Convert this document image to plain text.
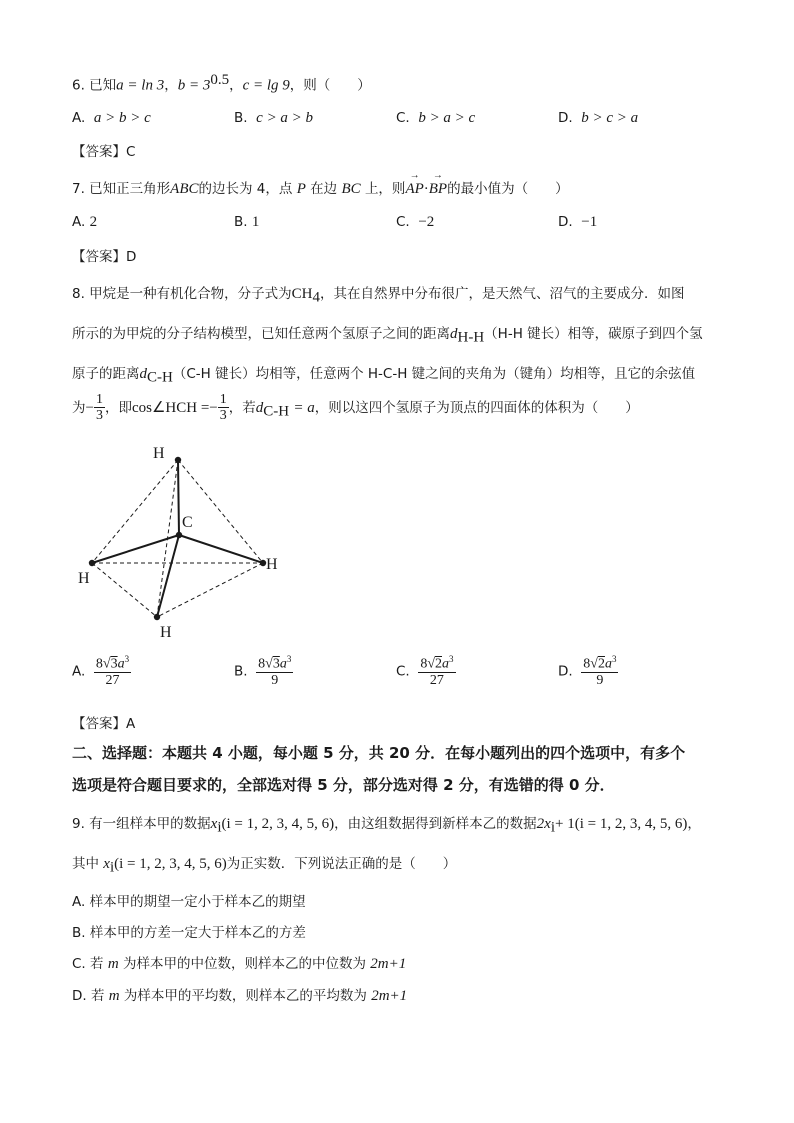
6. 已知a = ln 3，$b = 3^{0.5}$，c = lg 9，则（　　）
A. a > b > c	B. c > a > b	C. b > a > c	D. b > c > a
【答案】C
7. 已知正三角形ABC的边长为 4，点 P 在边 BC 上，则→ AP·→ BP的最小值为（　　）
A. 2	B. 1	C. −2	D. −1
【答案】D
8. 甲烷是一种有机化合物，分子式为$CH_4$，其在自然界中分布很广，是天然气、沼气的主要成分．如图
所示的为甲烷的分子结构模型，已知任意两个氢原子之间的距离$d_{H-H}(H-H$ 键长）相等，碳原子到四个氢
原子的距离$d_{C-H}(C-H$ 键长）均相等，任意两个 H-C-H 键之间的夹角为（键角）均相等，且它的余弦值
为− $\frac{1}{3}$ ，即cos∠HCH =− $\frac{1}{3}$ ，若$d_{C-H} = a$，则以这四个氢原子为顶点的四面体的体积为（　　）
H
C
H
H
H
A. $\frac{8√3a^3}{27}$	B. $\frac{8√3a^3}{9}$	C. $\frac{8√2a^3}{27}$	D. $\frac{8√2a^3}{9}$
【答案】A
二、选择题：本题共 4 小题，每小题 5 分，共 20 分．在每小题列出的四个选项中，有多个
选项是符合题目要求的，全部选对得 5 分，部分选对得 2 分，有选错的得 0 分．
9. 有一组样本甲的数据$x_i(i = 1$, 2, 3, 4, 5, 6)，由这组数据得到新样本乙的数据$2x_i+ 1(i = 1$, 2, 3, 4, 5, 6)，
其中 $x_i(i = 1$, 2, 3, 4, 5, 6)为正实数．下列说法正确的是（　　）
A. 样本甲的期望一定小于样本乙的期望
B. 样本甲的方差一定大于样本乙的方差
C. 若 m 为样本甲的中位数，则样本乙的中位数为 2m+1
D. 若 m 为样本甲的平均数，则样本乙的平均数为 2m+1
